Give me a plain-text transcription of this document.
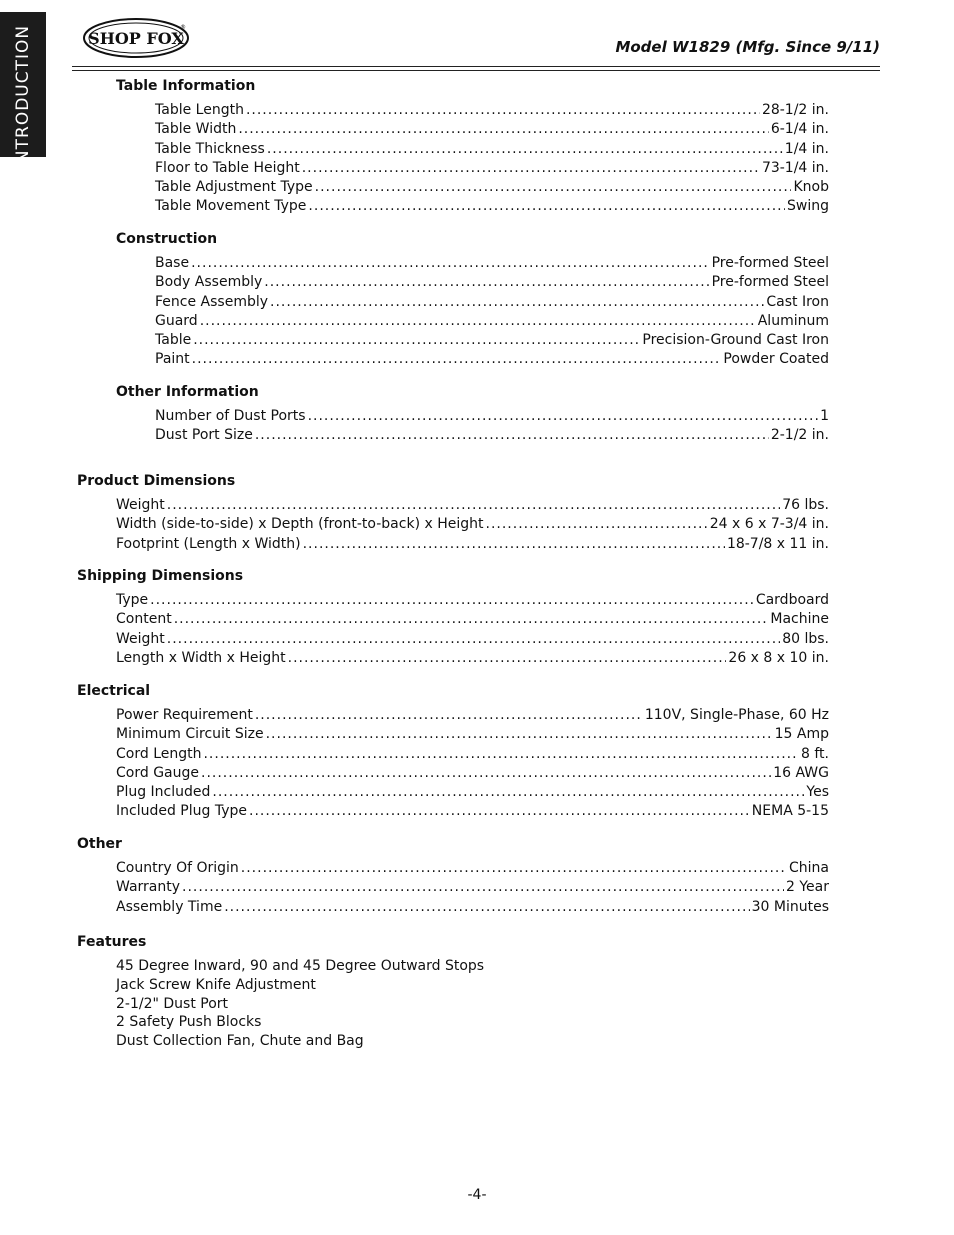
INTRODUCTION	SHOP FOX
®
Model W1829 (Mfg. Since 9/11)
Table Information
Table Length .....	28-1/2 in.
Table Width .....	6-1/4 in.
Table Thickness .....	1/4 in.
Floor to Table Height .....	73-1/4 in.
Table Adjustment Type .....	Knob
Table Movement Type .....	Swing
Construction
Base .....	Pre-formed Steel
Body Assembly .....	Pre-formed Steel
Fence Assembly .....	Cast Iron
Guard .....	Aluminum
Table .....	Precision-Ground Cast Iron
Paint .....	Powder Coated
Other Information
Number of Dust Ports .....	1
Dust Port Size .....	2-1/2 in.
Product Dimensions
Weight .....	76 lbs.
Width (side-to-side) x Depth (front-to-back) x Height .....	24 x 6 x 7-3/4 in.
Footprint (Length x Width) .....	18-7/8 x 11 in.
Shipping Dimensions
Type .....	Cardboard
Content .....	Machine
Weight .....	80 lbs.
Length x Width x Height .....	26 x 8 x 10 in.
Electrical
Power Requirement .....	110V, Single-Phase, 60 Hz
Minimum Circuit Size .....	15 Amp
Cord Length .....	8 ft.
Cord Gauge .....	16 AWG
Plug Included .....	Yes
Included Plug Type .....	NEMA 5-15
Other
Country Of Origin .....	China
Warranty .....	2 Year
Assembly Time .....	30 Minutes
Features
45 Degree Inward, 90 and 45 Degree Outward Stops
Jack Screw Knife Adjustment
2-1/2" Dust Port
2 Safety Push Blocks
Dust Collection Fan, Chute and Bag
-4-
